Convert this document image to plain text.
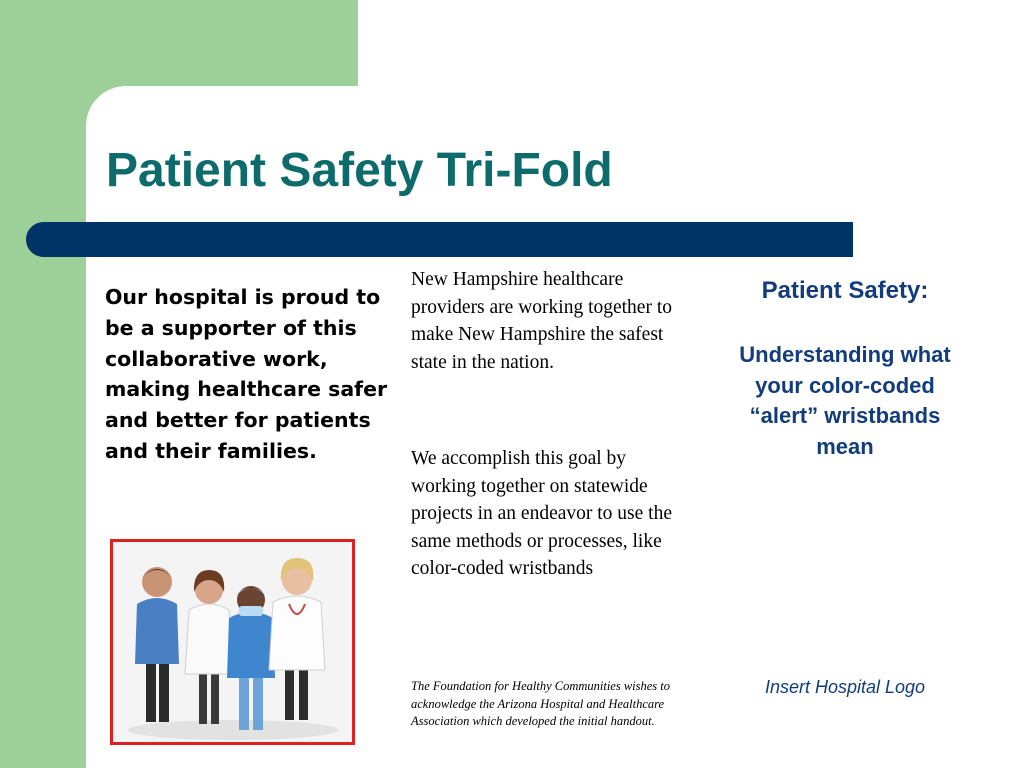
Patient Safety Tri-Fold

Our hospital is proud to be a supporter of this collaborative work, making healthcare safer and better for patients and their families.

New Hampshire healthcare providers are working together to make New Hampshire the safest state in the nation.

We accomplish this goal by working together on statewide projects in an endeavor to use the same methods or processes, like color-coded wristbands

The Foundation for Healthy Communities wishes to acknowledge the Arizona Hospital and Healthcare Association which developed the initial handout.

Patient Safety:

Understanding what your color-coded “alert” wristbands mean

Insert Hospital Logo
